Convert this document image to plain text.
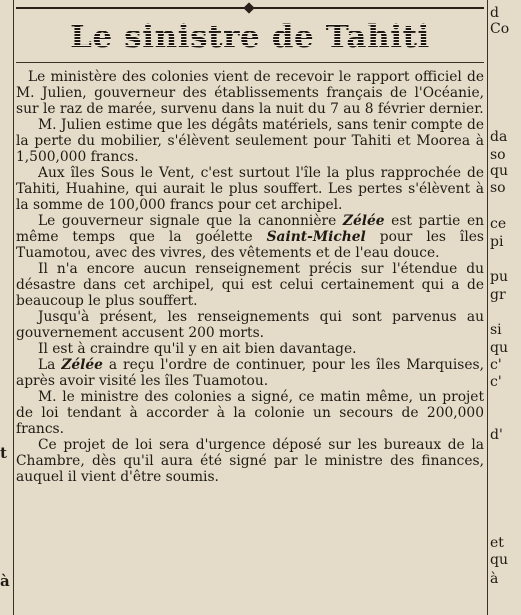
t
à
Le sinistre de Tahiti

Le ministère des colonies vient de recevoir le rapport officiel de M. Julien, gouverneur des établissements français de l'Océanie, sur le raz de marée, survenu dans la nuit du 7 au 8 février dernier.

M. Julien estime que les dégâts matériels, sans tenir compte de la perte du mobilier, s'élèvent seulement pour Tahiti et Moorea à 1,500,000 francs.

Aux îles Sous le Vent, c'est surtout l'île la plus rapprochée de Tahiti, Huahine, qui aurait le plus souffert. Les pertes s'élèvent à la somme de 100,000 francs pour cet archipel.

Le gouverneur signale que la canonnière Zélée est partie en même temps que la goélette Saint-Michel pour les îles Tuamotou, avec des vivres, des vêtements et de l'eau douce.

Il n'a encore aucun renseignement précis sur l'étendue du désastre dans cet archipel, qui est celui certainement qui a de beaucoup le plus souffert.

Jusqu'à présent, les renseignements qui sont parvenus au gouvernement accusent 200 morts.

Il est à craindre qu'il y en ait bien davantage.

La Zélée a reçu l'ordre de continuer, pour les îles Marquises, après avoir visité les îles Tuamotou.

M. le ministre des colonies a signé, ce matin même, un projet de loi tendant à accorder à la colonie un secours de 200,000 francs.

Ce projet de loi sera d'urgence déposé sur les bureaux de la Chambre, dès qu'il aura été signé par le ministre des finances, auquel il vient d'être soumis.

d
Co
da
so
qu
so
ce
pi
pu
gr
si
qu
c'
c'
d'
et
qu
à
